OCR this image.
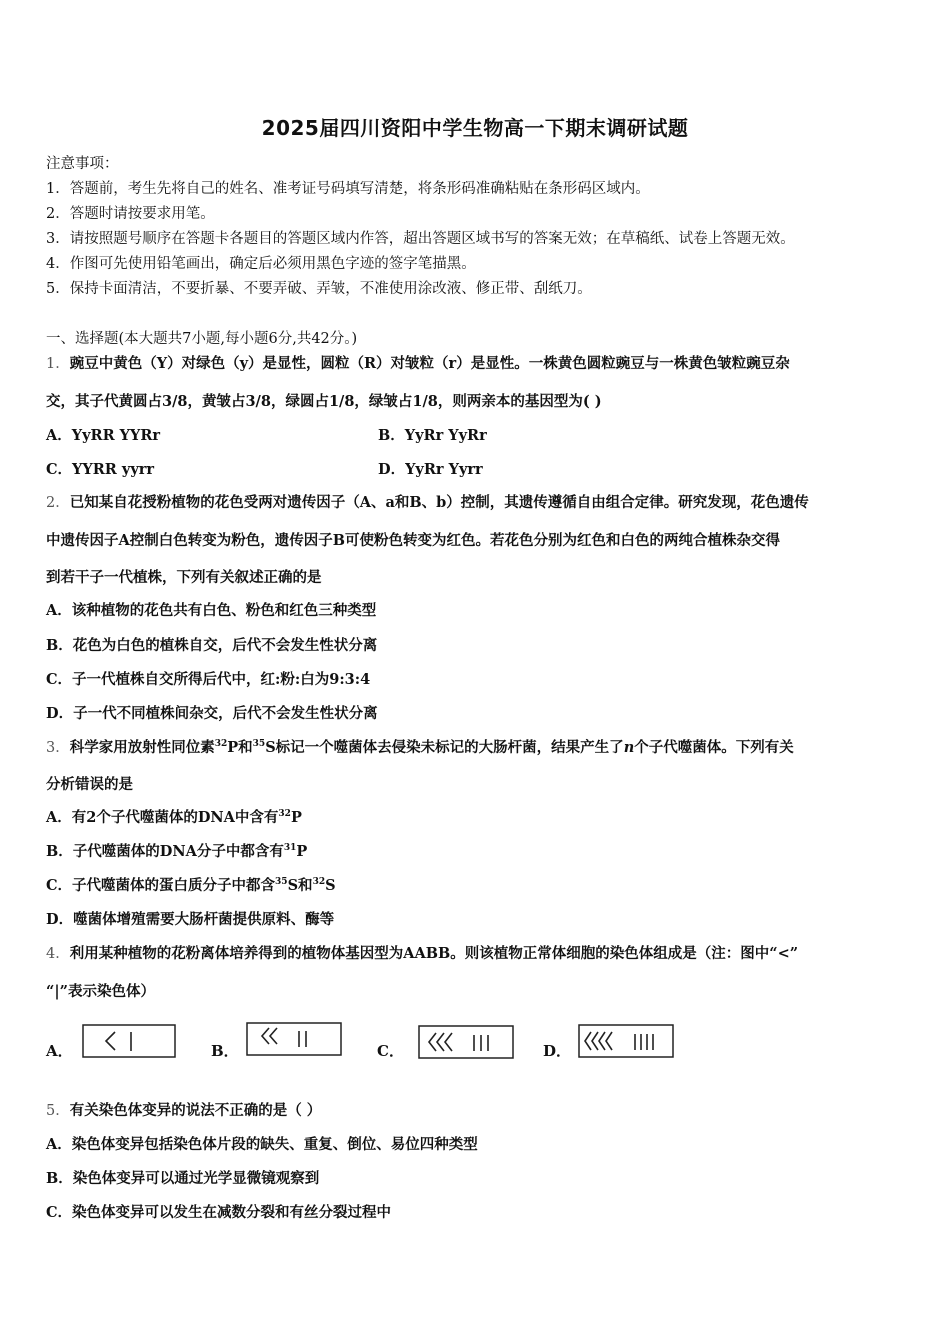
2025届四川资阳中学生物高一下期末调研试题
注意事项：
1．答题前，考生先将自己的姓名、准考证号码填写清楚，将条形码准确粘贴在条形码区域内。
2．答题时请按要求用笔。
3．请按照题号顺序在答题卡各题目的答题区域内作答，超出答题区域书写的答案无效；在草稿纸、试卷上答题无效。
4．作图可先使用铅笔画出，确定后必须用黑色字迹的签字笔描黑。
5．保持卡面清洁，不要折暴、不要弄破、弄皱，不准使用涂改液、修正带、刮纸刀。
一、选择题(本大题共7小题,每小题6分,共42分。)
1．豌豆中黄色（Y）对绿色（y）是显性，圆粒（R）对皱粒（r）是显性。一株黄色圆粒豌豆与一株黄色皱粒豌豆杂
交，其子代黄圆占3/8，黄皱占3/8，绿圆占1/8，绿皱占1/8，则两亲本的基因型为( )
A．YyRR YYRr	B．YyRr YyRr
C．YYRR yyrr	D．YyRr Yyrr
2．已知某自花授粉植物的花色受两对遗传因子（A、a和B、b）控制，其遗传遵循自由组合定律。研究发现，花色遗传
中遗传因子A控制白色转变为粉色，遗传因子B可使粉色转变为红色。若花色分别为红色和白色的两纯合植株杂交得
到若干子一代植株，下列有关叙述正确的是
A．该种植物的花色共有白色、粉色和红色三种类型
B．花色为白色的植株自交，后代不会发生性状分离
C．子一代植株自交所得后代中，红:粉:白为9:3:4
D．子一代不同植株间杂交，后代不会发生性状分离
3．科学家用放射性同位素$^{32}$P和$^{35}$S标记一个噬菌体去侵染未标记的大肠杆菌，结果产生了n个子代噬菌体。下列有关
分析错误的是
A．有2个子代噬菌体的DNA中含有$^{32}$P
B．子代噬菌体的DNA分子中都含有$^{31}$P
C．子代噬菌体的蛋白质分子中都含$^{35}$S和$^{32}$S
D．噬菌体增殖需要大肠杆菌提供原料、酶等
4．利用某种植物的花粉离体培养得到的植物体基因型为AABB。则该植物正常体细胞的染色体组成是（注：图中“<”
“|”表示染色体）
A．	B．	C．	D．
5．有关染色体变异的说法不正确的是（ ）
A．染色体变异包括染色体片段的缺失、重复、倒位、易位四种类型
B．染色体变异可以通过光学显微镜观察到
C．染色体变异可以发生在减数分裂和有丝分裂过程中
